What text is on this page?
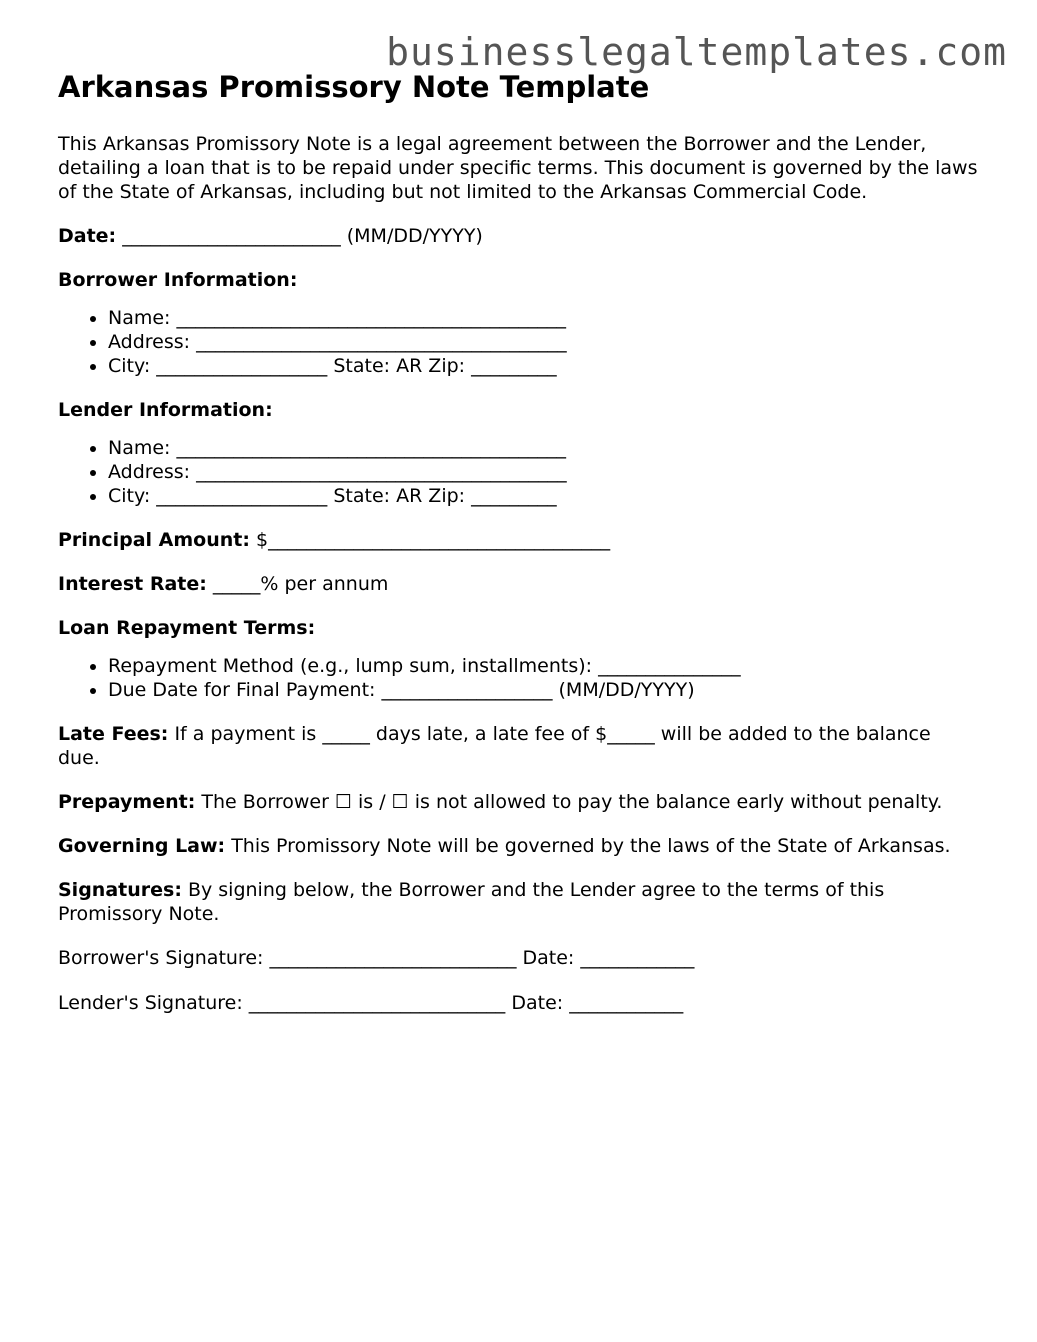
businesslegaltemplates.com
Arkansas Promissory Note Template

This Arkansas Promissory Note is a legal agreement between the Borrower and the Lender, detailing a loan that is to be repaid under specific terms. This document is governed by the laws of the State of Arkansas, including but not limited to the Arkansas Commercial Code.

Date: _______________________ (MM/DD/YYYY)

Borrower Information:

• Name: _________________________________________
• Address: _______________________________________
• City: __________________ State: AR Zip: _________

Lender Information:

• Name: _________________________________________
• Address: _______________________________________
• City: __________________ State: AR Zip: _________

Principal Amount: $____________________________________

Interest Rate: _____% per annum

Loan Repayment Terms:

• Repayment Method (e.g., lump sum, installments): _______________
• Due Date for Final Payment: __________________ (MM/DD/YYYY)

Late Fees: If a payment is _____ days late, a late fee of $_____ will be added to the balance due.

Prepayment: The Borrower ☐ is / ☐ is not allowed to pay the balance early without penalty.

Governing Law: This Promissory Note will be governed by the laws of the State of Arkansas.

Signatures: By signing below, the Borrower and the Lender agree to the terms of this Promissory Note.

Borrower's Signature: __________________________ Date: ____________

Lender's Signature: ___________________________ Date: ____________
